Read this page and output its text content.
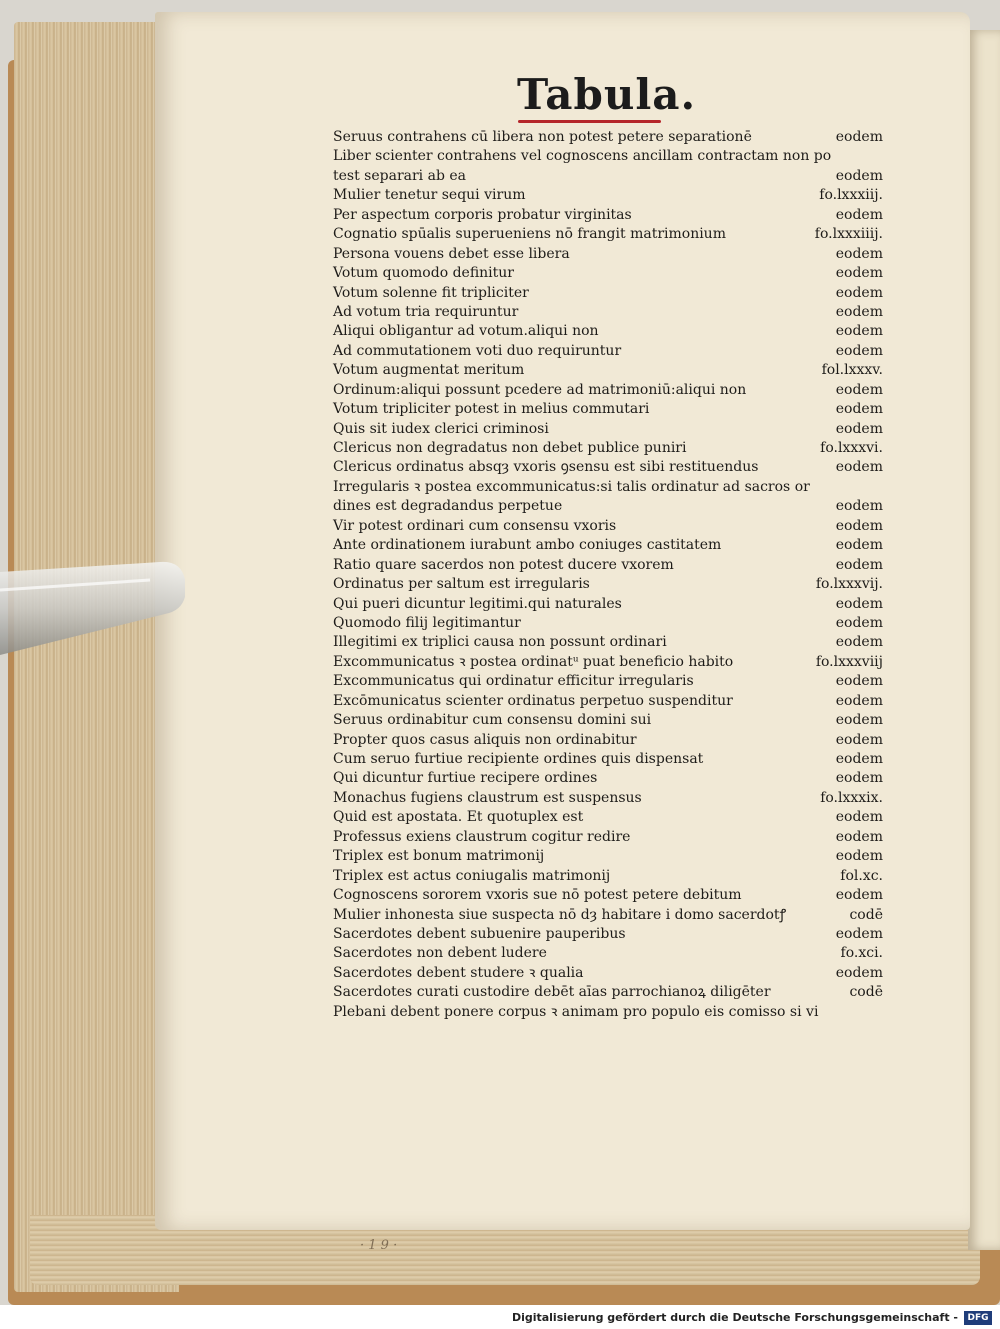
Tabula.
Seruus contrahens cū libera non potest petere separationē	eodem
Liber scienter contrahens vel cognoscens ancillam contractam non po
test separari ab ea	eodem
Mulier tenetur sequi virum	fo.lxxxiij.
Per aspectum corporis probatur virginitas	eodem
Cognatio spūalis superueniens nō frangit matrimonium	fo.lxxxiiij.
Persona vouens debet esse libera	eodem
Votum quomodo definitur	eodem
Votum solenne fit tripliciter	eodem
Ad votum tria requiruntur	eodem
Aliqui obligantur ad votum.aliqui non	eodem
Ad commutationem voti duo requiruntur	eodem
Votum augmentat meritum	fol.lxxxv.
Ordinum:aliqui possunt pcedere ad matrimoniū:aliqui non	eodem
Votum tripliciter potest in melius commutari	eodem
Quis sit iudex clerici criminosi	eodem
Clericus non degradatus non debet publice puniri	fo.lxxxvi.
Clericus ordinatus absqȝ vxoris ꝯsensu est sibi restituendus	eodem
Irregularis ꝛ postea excommunicatus:si talis ordinatur ad sacros or
dines est degradandus perpetue	eodem
Vir potest ordinari cum consensu vxoris	eodem
Ante ordinationem iurabunt ambo coniuges castitatem	eodem
Ratio quare sacerdos non potest ducere vxorem	eodem
Ordinatus per saltum est irregularis	fo.lxxxvij.
Qui pueri dicuntur legitimi.qui naturales	eodem
Quomodo filij legitimantur	eodem
Illegitimi ex triplici causa non possunt ordinari	eodem
Excommunicatus ꝛ postea ordinatᵘ puat beneficio habito	fo.lxxxviij
Excommunicatus qui ordinatur efficitur irregularis	eodem
Excōmunicatus scienter ordinatus perpetuo suspenditur	eodem
Seruus ordinabitur cum consensu domini sui	eodem
Propter quos casus aliquis non ordinabitur	eodem
Cum seruo furtiue recipiente ordines quis dispensat	eodem
Qui dicuntur furtiue recipere ordines	eodem
Monachus fugiens claustrum est suspensus	fo.lxxxix.
Quid est apostata. Et quotuplex est	eodem
Professus exiens claustrum cogitur redire	eodem
Triplex est bonum matrimonij	eodem
Triplex est actus coniugalis matrimonij	fol.xc.
Cognoscens sororem vxoris sue nō potest petere debitum	eodem
Mulier inhonesta siue suspecta nō dȝ habitare i domo sacerdotꝭ	codē
Sacerdotes debent subuenire pauperibus	eodem
Sacerdotes non debent ludere	fo.xci.
Sacerdotes debent studere ꝛ qualia	eodem
Sacerdotes curati custodire debēt aīas parrochianoꝝ diligēter	codē
Plebani debent ponere corpus ꝛ animam pro populo eis comisso si vi
· 1 9 ·
Digitalisierung gefördert durch die Deutsche Forschungsgemeinschaft -	DFG
